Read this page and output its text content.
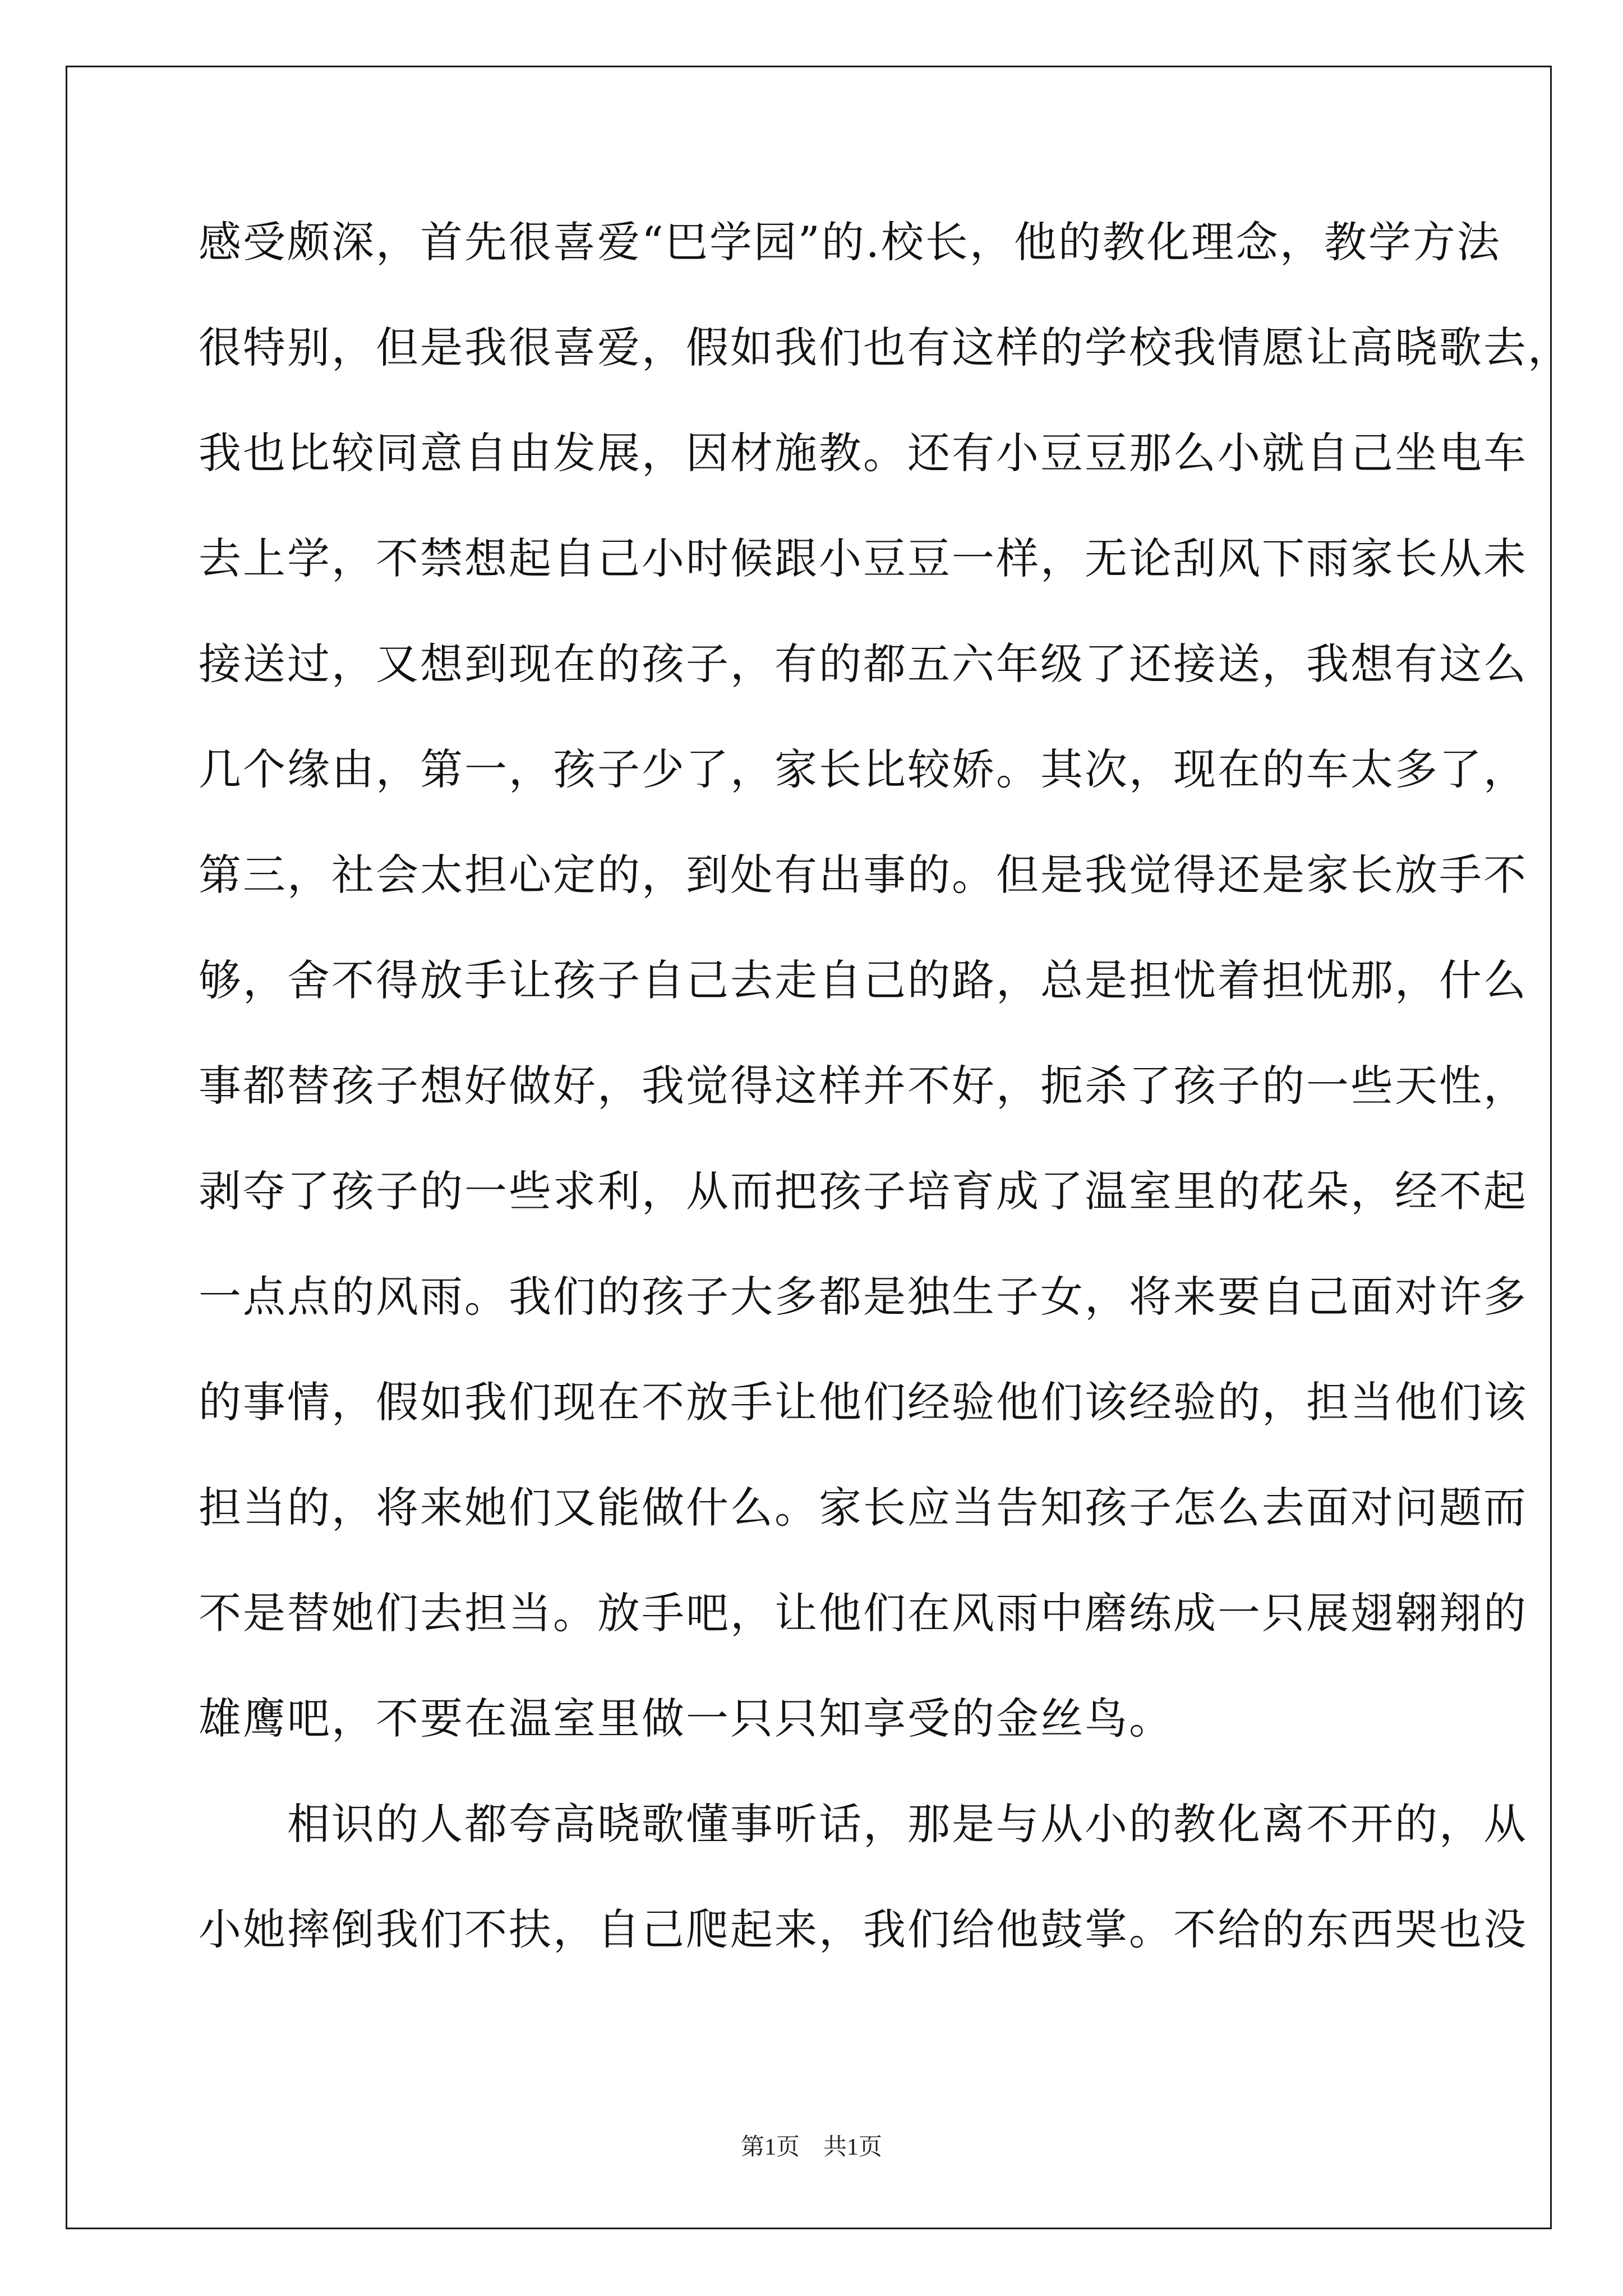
感受颇深，首先很喜爱“巴学园”的.校长，他的教化理念，教学方法
很特别，但是我很喜爱，假如我们也有这样的学校我情愿让高晓歌去，
我也比较同意自由发展，因材施教。还有小豆豆那么小就自己坐电车
去上学，不禁想起自己小时候跟小豆豆一样，无论刮风下雨家长从未
接送过，又想到现在的孩子，有的都五六年级了还接送，我想有这么
几个缘由，第一，孩子少了，家长比较娇。其次，现在的车太多了，
第三，社会太担心定的，到处有出事的。但是我觉得还是家长放手不
够，舍不得放手让孩子自己去走自己的路，总是担忧着担忧那，什么
事都替孩子想好做好，我觉得这样并不好，扼杀了孩子的一些天性，
剥夺了孩子的一些求利，从而把孩子培育成了温室里的花朵，经不起
一点点的风雨。我们的孩子大多都是独生子女，将来要自己面对许多
的事情，假如我们现在不放手让他们经验他们该经验的，担当他们该
担当的，将来她们又能做什么。家长应当告知孩子怎么去面对问题而
不是替她们去担当。放手吧，让他们在风雨中磨练成一只展翅翱翔的
雄鹰吧，不要在温室里做一只只知享受的金丝鸟。
　　相识的人都夸高晓歌懂事听话，那是与从小的教化离不开的，从
小她摔倒我们不扶，自己爬起来，我们给他鼓掌。不给的东西哭也没
第1页　共1页
